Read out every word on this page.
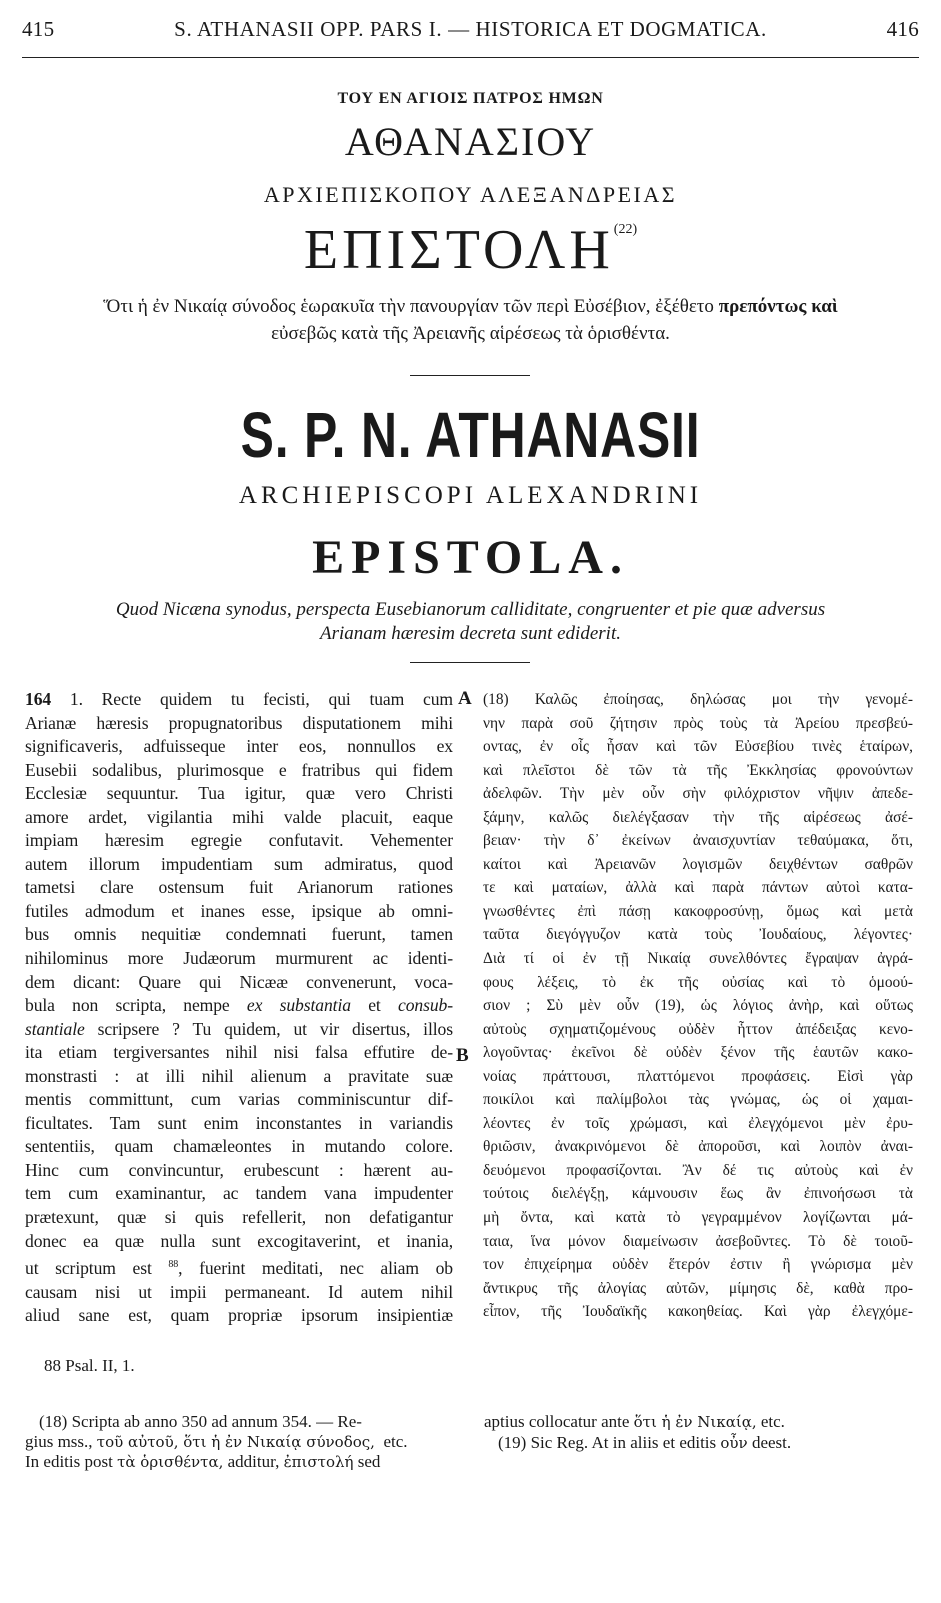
415	S. ATHANASII OPP. PARS I. — HISTORICA ET DOGMATICA.	416
ΤΟΥ ΕΝ ΑΓΙΟΙΣ ΠΑΤΡΟΣ ΗΜΩΝ
ΑΘΑΝΑΣΙΟΥ
ΑΡΧΙΕΠΙΣΚΟΠΟΥ ΑΛΕΞΑΝΔΡΕΙΑΣ
ΕΠΙΣΤΟΛΗ$^{(22)}$
Ὅτι ἡ ἐν Νικαίᾳ σύνοδος ἑωρακυῖα τὴν πανουργίαν τῶν περὶ Εὐσέβιον, ἐξέθετο πρεπόντως καὶ
εὐσεβῶς κατὰ τῆς Ἀρειανῆς αἱρέσεως τὰ ὁρισθέντα.
S. P. N. ATHANASII
ARCHIEPISCOPI ALEXANDRINI
EPISTOLA.
Quod Nicæna synodus, perspecta Eusebianorum calliditate, congruenter et pie quæ adversus
Arianam hæresim decreta sunt ediderit.
A
B
164 1. Recte quidem tu fecisti, qui tuam cum
Arianæ hæresis propugnatoribus disputationem mihi
significaveris, adfuisseque inter eos, nonnullos ex
Eusebii sodalibus, plurimosque e fratribus qui fidem
Ecclesiæ sequuntur. Tua igitur, quæ vero Christi
amore ardet, vigilantia mihi valde placuit, eaque
impiam hæresim egregie confutavit. Vehementer
autem illorum impudentiam sum admiratus, quod
tametsi clare ostensum fuit Arianorum rationes
futiles admodum et inanes esse, ipsique ab omni-
bus omnis nequitiæ condemnati fuerunt, tamen
nihilominus more Judæorum murmurent ac identi-
dem dicant: Quare qui Nicææ convenerunt, voca-
bula non scripta, nempe ex substantia et consub-
stantiale scripsere ? Tu quidem, ut vir disertus, illos
ita etiam tergiversantes nihil nisi falsa effutire de-
monstrasti : at illi nihil alienum a pravitate suæ
mentis committunt, cum varias comminiscuntur dif-
ficultates. Tam sunt enim inconstantes in variandis
sententiis, quam chamæleontes in mutando colore.
Hinc cum convincuntur, erubescunt : hærent au-
tem cum examinantur, ac tandem vana impudenter
prætexunt, quæ si quis refellerit, non defatigantur
donec ea quæ nulla sunt excogitaverint, et inania,
ut scriptum est $^{88}$, fuerint meditati, nec aliam ob
causam nisi ut impii permaneant. Id autem nihil
aliud sane est, quam propriæ ipsorum insipientiæ
(18) Καλῶς ἐποίησας, δηλώσας μοι τὴν γενομέ-
νην παρὰ σοῦ ζήτησιν πρὸς τοὺς τὰ Ἀρείου πρεσβεύ-
οντας, ἐν οἷς ἦσαν καὶ τῶν Εὐσεβίου τινὲς ἑταίρων,
καὶ πλεῖστοι δὲ τῶν τὰ τῆς Ἐκκλησίας φρονούντων
ἀδελφῶν. Τὴν μὲν οὖν σὴν φιλόχριστον νῆψιν ἀπεδε-
ξάμην, καλῶς διελέγξασαν τὴν τῆς αἱρέσεως ἀσέ-
βειαν· τὴν δ᾽ ἐκείνων ἀναισχυντίαν τεθαύμακα, ὅτι,
καίτοι καὶ Ἀρειανῶν λογισμῶν δειχθέντων σαθρῶν
τε καὶ ματαίων, ἀλλὰ καὶ παρὰ πάντων αὐτοὶ κατα-
γνωσθέντες ἐπὶ πάσῃ κακοφροσύνῃ, ὅμως καὶ μετὰ
ταῦτα διεγόγγυζον κατὰ τοὺς Ἰουδαίους, λέγοντες·
Διὰ τί οἱ ἐν τῇ Νικαίᾳ συνελθόντες ἔγραψαν ἀγρά-
φους λέξεις, τὸ ἐκ τῆς οὐσίας καὶ τὸ ὁμοού-
σιον ; Σὺ μὲν οὖν (19), ὡς λόγιος ἀνὴρ, καὶ οὕτως
αὐτοὺς σχηματιζομένους οὐδὲν ἧττον ἀπέδειξας κενο-
λογοῦντας· ἐκεῖνοι δὲ οὐδὲν ξένον τῆς ἑαυτῶν κακο-
νοίας πράττουσι, πλαττόμενοι προφάσεις. Εἰσὶ γὰρ
ποικίλοι καὶ παλίμβολοι τὰς γνώμας, ὡς οἱ χαμαι-
λέοντες ἐν τοῖς χρώμασι, καὶ ἐλεγχόμενοι μὲν ἐρυ-
θριῶσιν, ἀνακρινόμενοι δὲ ἀποροῦσι, καὶ λοιπὸν ἀναι-
δευόμενοι προφασίζονται. Ἂν δέ τις αὐτοὺς καὶ ἐν
τούτοις διελέγξῃ, κάμνουσιν ἕως ἂν ἐπινοήσωσι τὰ
μὴ ὄντα, καὶ κατὰ τὸ γεγραμμένον λογίζωνται μά-
ταια, ἵνα μόνον διαμείνωσιν ἀσεβοῦντες. Τὸ δὲ τοιοῦ-
τον ἐπιχείρημα οὐδὲν ἕτερόν ἐστιν ἢ γνώρισμα μὲν
ἄντικρυς τῆς ἀλογίας αὐτῶν, μίμησις δὲ, καθὰ προ-
εἶπον, τῆς Ἰουδαϊκῆς κακοηθείας. Καὶ γὰρ ἐλεγχόμε-
88 Psal. II, 1.
(18) Scripta ab anno 350 ad annum 354. — Re-
gius mss., τοῦ αὐτοῦ, ὅτι ἡ ἐν Νικαίᾳ σύνοδος, etc.
In editis post τὰ ὁρισθέντα, additur, ἐπιστολή sed
aptius collocatur ante ὅτι ἡ ἐν Νικαίᾳ, etc.
(19) Sic Reg. At in aliis et editis οὖν deest.
